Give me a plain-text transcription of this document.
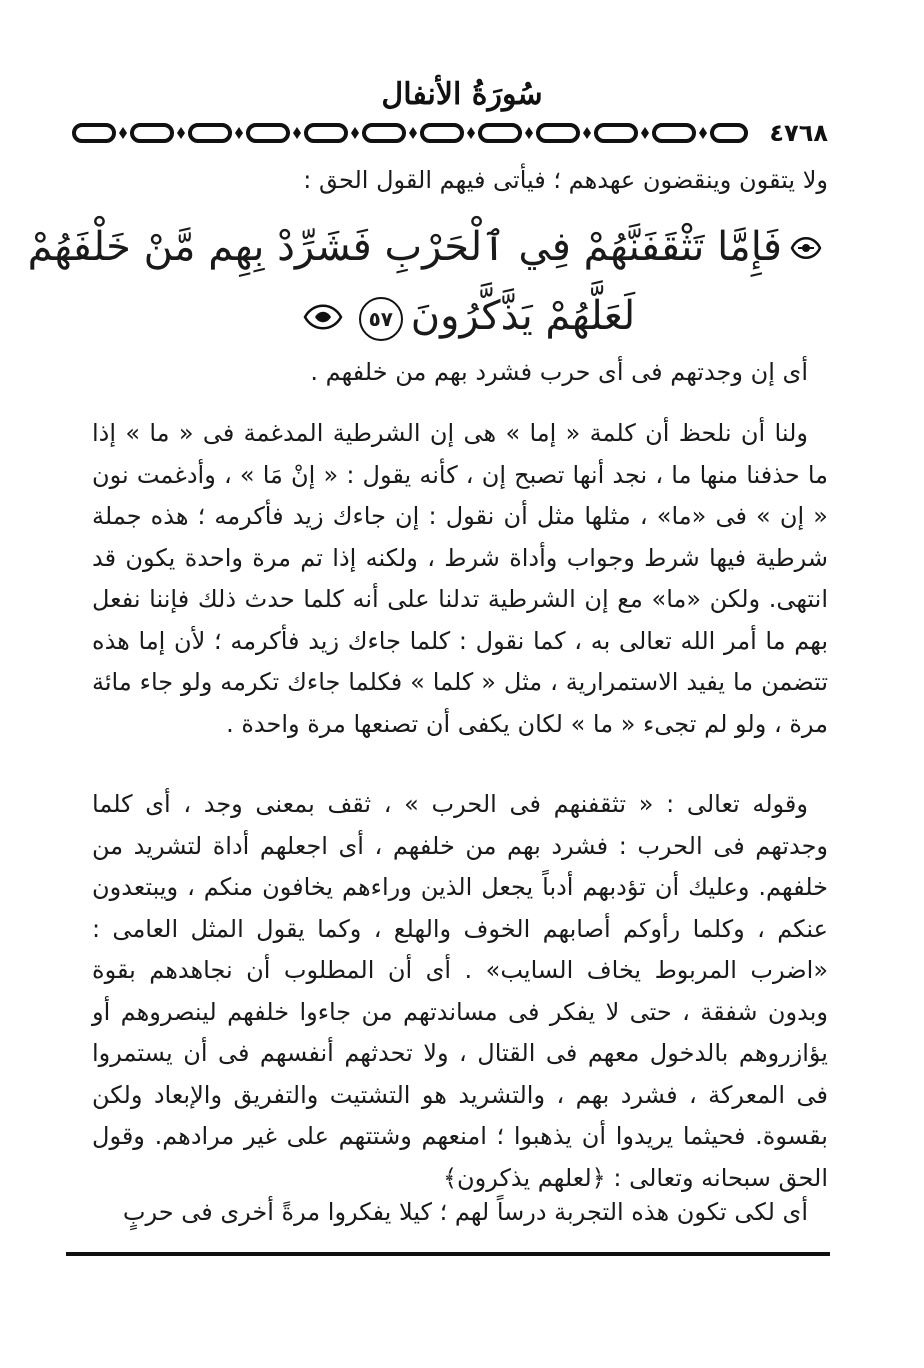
سُورَةُ الأنفال
٤٧٦٨
ولا يتقون وينقضون عهدهم ؛ فيأتى فيهم القول الحق :
فَإِمَّا تَثْقَفَنَّهُمْ فِي ٱلْحَرْبِ فَشَرِّدْ بِهِم مَّنْ خَلْفَهُمْ
لَعَلَّهُمْ يَذَّكَّرُونَ٥٧

أى إن وجدتهم فى أى حرب فشرد بهم من خلفهم .

ولنا أن نلحظ أن كلمة « إما » هى إن الشرطية المدغمة فى « ما » إذا ما حذفنا منها ما ، نجد أنها تصبح إن ، كأنه يقول : « إنْ مَا » ، وأدغمت نون « إن » فى «ما» ، مثلها مثل أن نقول : إن جاءك زيد فأكرمه ؛ هذه جملة شرطية فيها شرط وجواب وأداة شرط ، ولكنه إذا تم مرة واحدة يكون قد انتهى. ولكن «ما» مع إن الشرطية تدلنا على أنه كلما حدث ذلك فإننا نفعل بهم ما أمر الله تعالى به ، كما نقول : كلما جاءك زيد فأكرمه ؛ لأن إما هذه تتضمن ما يفيد الاستمرارية ، مثل « كلما » فكلما جاءك تكرمه ولو جاء مائة مرة ، ولو لم تجىء « ما » لكان يكفى أن تصنعها مرة واحدة .

وقوله تعالى : « تثقفنهم فى الحرب » ، ثقف بمعنى وجد ، أى كلما وجدتهم فى الحرب : فشرد بهم من خلفهم ، أى اجعلهم أداة لتشريد من خلفهم. وعليك أن تؤدبهم أدباً يجعل الذين وراءهم يخافون منكم ، ويبتعدون عنكم ، وكلما رأوكم أصابهم الخوف والهلع ، وكما يقول المثل العامى : «اضرب المربوط يخاف السايب» . أى أن المطلوب أن نجاهدهم بقوة وبدون شفقة ، حتى لا يفكر فى مساندتهم من جاءوا خلفهم لينصروهم أو يؤازروهم بالدخول معهم فى القتال ، ولا تحدثهم أنفسهم فى أن يستمروا فى المعركة ، فشرد بهم ، والتشريد هو التشتيت والتفريق والإبعاد ولكن بقسوة. فحيثما يريدوا أن يذهبوا ؛ امنعهم وشتتهم على غير مرادهم. وقول الحق سبحانه وتعالى : ﴿لعلهم يذكرون﴾

أى لكى تكون هذه التجربة درساً لهم ؛ كيلا يفكروا مرةً أخرى فى حربٍ
